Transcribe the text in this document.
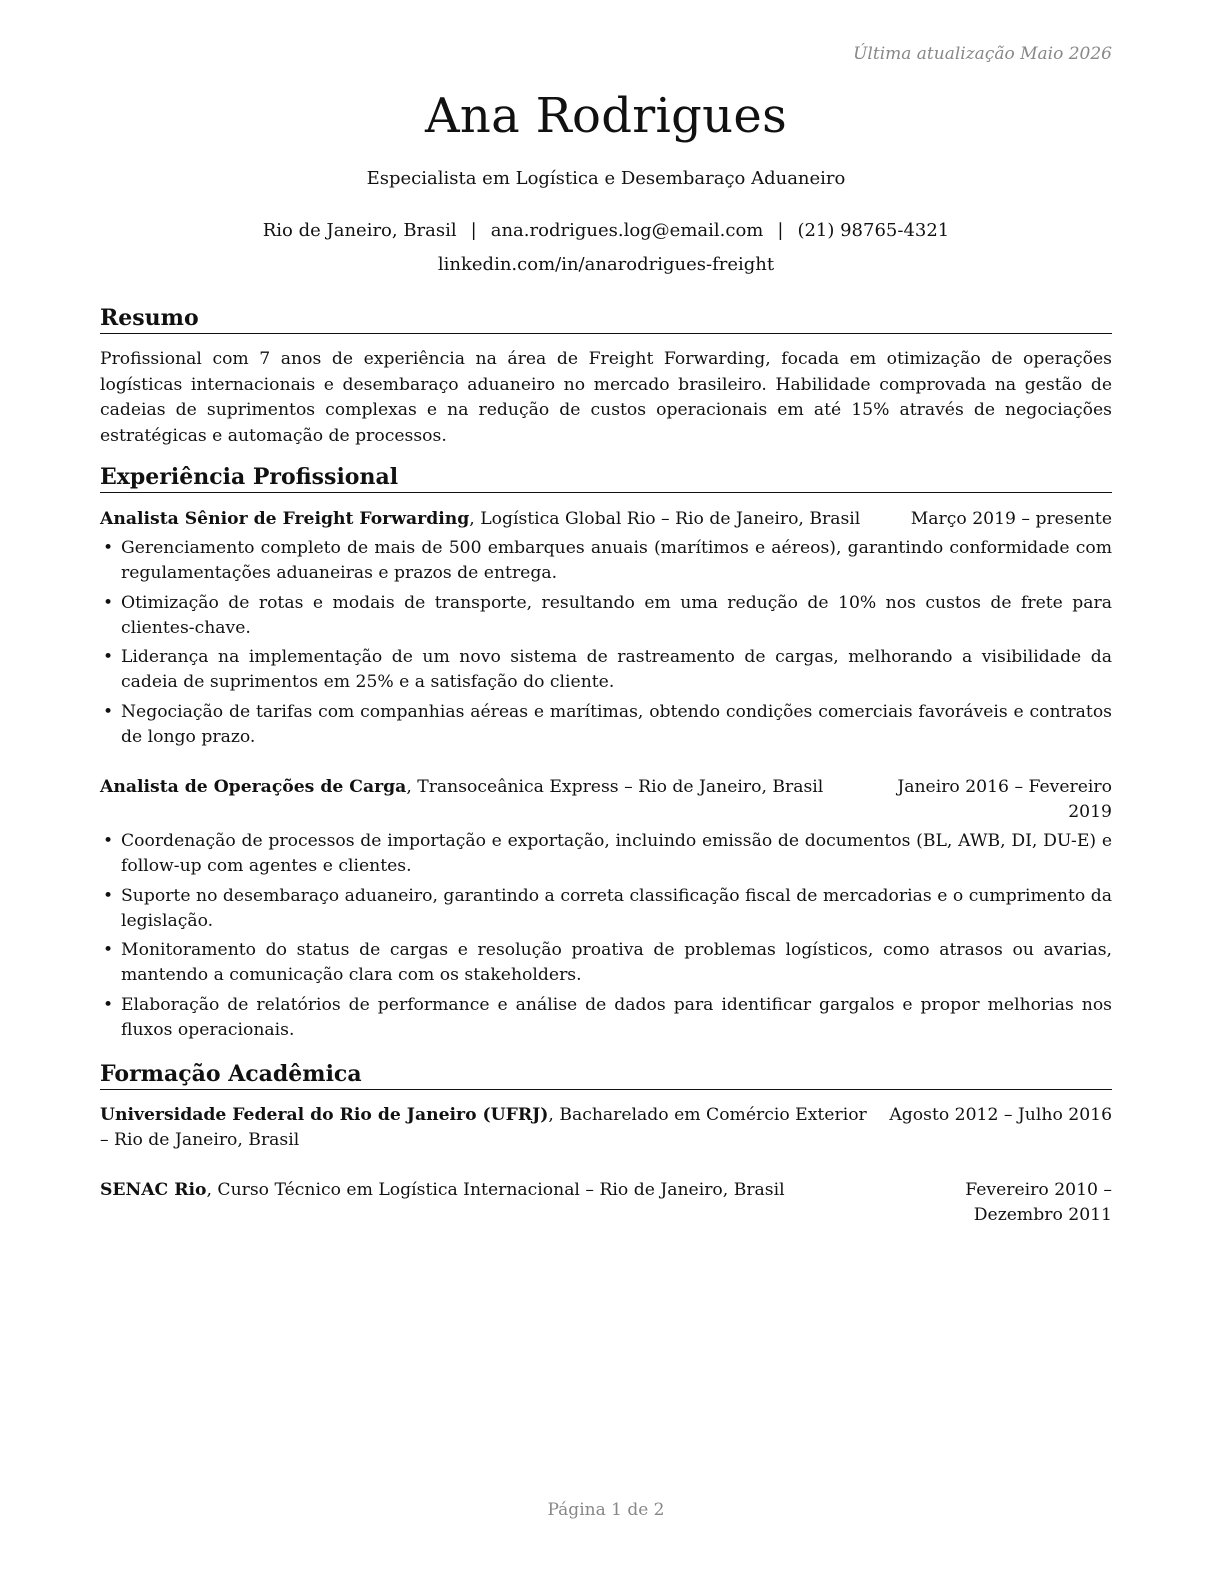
Última atualização Maio 2026
Ana Rodrigues
Especialista em Logística e Desembaraço Aduaneiro
Rio de Janeiro, Brasil | ana.rodrigues.log@email.com | (21) 98765-4321
linkedin.com/in/anarodrigues-freight
Resumo
Profissional com 7 anos de experiência na área de Freight Forwarding, focada em otimização de operações logísticas internacionais e desembaraço aduaneiro no mercado brasileiro. Habilidade comprovada na gestão de cadeias de suprimentos complexas e na redução de custos operacionais em até 15% através de negociações estratégicas e automação de processos.
Experiência Profissional
Analista Sênior de Freight Forwarding, Logística Global Rio – Rio de Janeiro, Brasil	Março 2019 – presente
• Gerenciamento completo de mais de 500 embarques anuais (marítimos e aéreos), garantindo conformidade com regulamentações aduaneiras e prazos de entrega.
• Otimização de rotas e modais de transporte, resultando em uma redução de 10% nos custos de frete para clientes-chave.
• Liderança na implementação de um novo sistema de rastreamento de cargas, melhorando a visibilidade da cadeia de suprimentos em 25% e a satisfação do cliente.
• Negociação de tarifas com companhias aéreas e marítimas, obtendo condições comerciais favoráveis e contratos de longo prazo.
Analista de Operações de Carga, Transoceânica Express – Rio de Janeiro, Brasil	Janeiro 2016 – Fevereiro 2019
• Coordenação de processos de importação e exportação, incluindo emissão de documentos (BL, AWB, DI, DU-E) e follow-up com agentes e clientes.
• Suporte no desembaraço aduaneiro, garantindo a correta classificação fiscal de mercadorias e o cumprimento da legislação.
• Monitoramento do status de cargas e resolução proativa de problemas logísticos, como atrasos ou avarias, mantendo a comunicação clara com os stakeholders.
• Elaboração de relatórios de performance e análise de dados para identificar gargalos e propor melhorias nos fluxos operacionais.
Formação Acadêmica
Universidade Federal do Rio de Janeiro (UFRJ), Bacharelado em Comércio Exterior – Rio de Janeiro, Brasil
Agosto 2012 – Julho 2016
SENAC Rio, Curso Técnico em Logística Internacional – Rio de Janeiro, Brasil	Fevereiro 2010 – Dezembro 2011
Página 1 de 2
